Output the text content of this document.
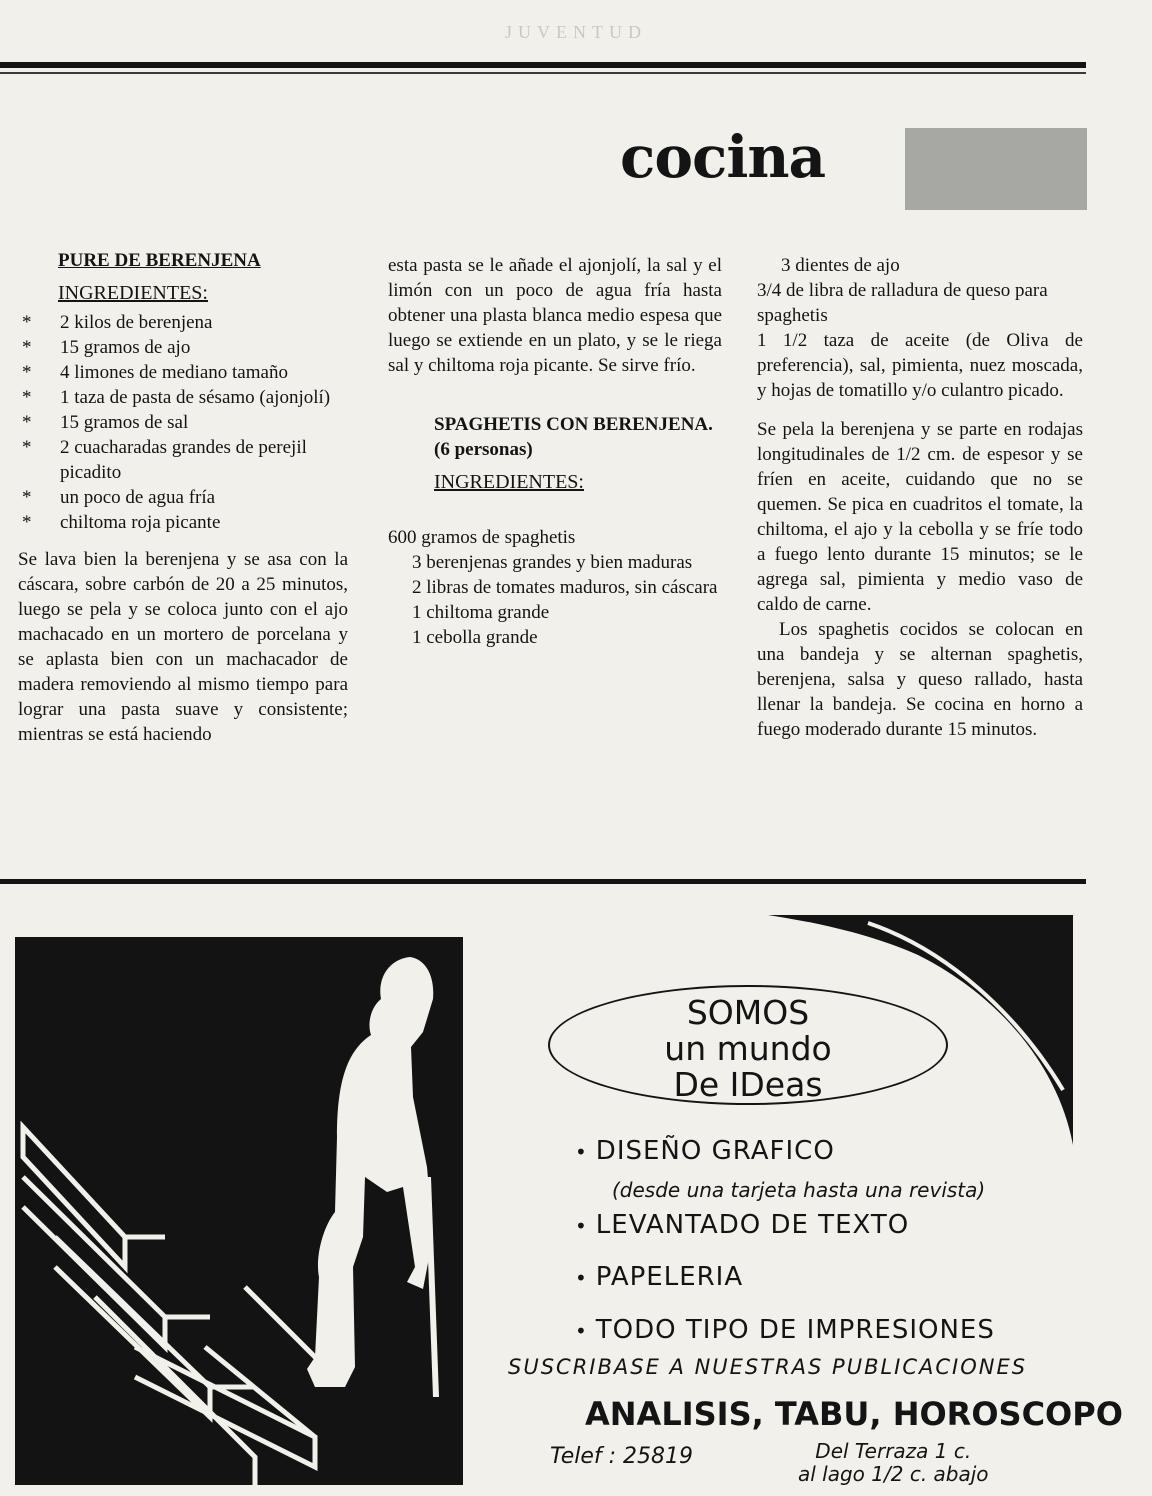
JUVENTUD
cocina

PURE DE BERENJENA

INGREDIENTES:

* 2 kilos de berenjena
* 15 gramos de ajo
* 4 limones de mediano tamaño
* 1 taza de pasta de sésamo (ajonjolí)
* 15 gramos de sal
* 2 cuacharadas grandes de perejil picadito
* un poco de agua fría
* chiltoma roja picante

Se lava bien la berenjena y se asa con la cáscara, sobre carbón de 20 a 25 minutos, luego se pela y se coloca junto con el ajo machacado en un mortero de porcelana y se aplasta bien con un machacador de madera removiendo al mismo tiempo para lograr una pasta suave y consistente; mientras se está haciendo

esta pasta se le añade el ajonjolí, la sal y el limón con un poco de agua fría hasta obtener una plasta blanca medio espesa que luego se extiende en un plato, y se le riega sal y chiltoma roja picante. Se sirve frío.

SPAGHETIS CON BERENJENA. (6 personas)

INGREDIENTES:

600 gramos de spaghetis
3 berenjenas grandes y bien maduras
2 libras de tomates maduros, sin cáscara
1 chiltoma grande
1 cebolla grande
3 dientes de ajo
3/4 de libra de ralladura de queso para spaghetis
1 1/2 taza de aceite (de Oliva de preferencia), sal, pimienta, nuez moscada, y hojas de tomatillo y/o culantro picado.

Se pela la berenjena y se parte en rodajas longitudinales de 1/2 cm. de espesor y se fríen en aceite, cuidando que no se quemen. Se pica en cuadritos el tomate, la chiltoma, el ajo y la cebolla y se fríe todo a fuego lento durante 15 minutos; se le agrega sal, pimienta y medio vaso de caldo de carne.

Los spaghetis cocidos se colocan en una bandeja y se alternan spaghetis, berenjena, salsa y queso rallado, hasta llenar la bandeja. Se cocina en horno a fuego moderado durante 15 minutos.

SOMOS
un mundo
De IDeas
• DISEÑO GRAFICO
(desde una tarjeta hasta una revista)
• LEVANTADO DE TEXTO
• PAPELERIA
• TODO TIPO DE IMPRESIONES
SUSCRIBASE A NUESTRAS PUBLICACIONES
ANALISIS, TABU, HOROSCOPO
Telef : 25819	Del Terraza 1 c.
al lago 1/2 c. abajo
